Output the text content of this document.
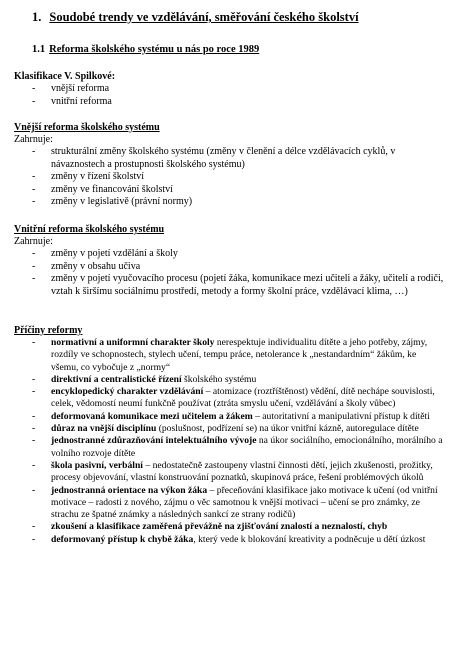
1. Soudobé trendy ve vzdělávání, směřování českého školství
1.1 Reforma školského systému u nás po roce 1989

Klasifikace V. Spilkové:

- vnější reforma
- vnitřní reforma

Vnější reforma školského systému

Zahrnuje:

- strukturální změny školského systému (změny v členění a délce vzdělávacích cyklů, v návaznostech a prostupnosti školského systému)
- změny v řízení školství
- změny ve financování školství
- změny v legislativě (právní normy)

Vnitřní reforma školského systému

Zahrnuje:

- změny v pojetí vzdělání a školy
- změny v obsahu učiva
- změny v pojetí vyučovacího procesu (pojetí žáka, komunikace mezi učiteli a žáky, učitelí a rodiči, vztah k širšímu sociálnímu prostředí, metody a formy školní práce, vzdělávací klima, …)

Příčiny reformy

- normativní a uniformní charakter školy nerespektuje individualitu dítěte a jeho potřeby, zájmy, rozdíly ve schopnostech, stylech učení, tempu práce, netolerance k „nestandardním“ žákům, ke všemu, co vybočuje z „normy“
- direktivní a centralistické řízení školského systému
- encyklopedický charakter vzdělávání – atomizace (roztříštěnost) vědění, dítě nechápe souvislosti, celek, vědomostí neumí funkčně používat (ztráta smyslu učení, vzdělávání a školy vůbec)
- deformovaná komunikace mezi učitelem a žákem – autoritativní a manipulativní přístup k dítěti
- důraz na vnější disciplínu (poslušnost, podřízení se) na úkor vnitřní kázně, autoregulace dítěte
- jednostranné zdůrazňování intelektuálního vývoje na úkor sociálního, emocionálního, morálního a volního rozvoje dítěte
- škola pasivní, verbální – nedostatečně zastoupeny vlastní činnosti dětí, jejich zkušenosti, prožitky, procesy objevování, vlastní konstruování poznatků, skupinová práce, řešení problémových úkolů
- jednostranná orientace na výkon žáka – přeceňování klasifikace jako motivace k učení (od vnitřní motivace – radosti z nového, zájmu o věc samotnou k vnější motivaci – učení se pro známky, ze strachu ze špatné známky a následných sankcí ze strany rodičů)
- zkoušení a klasifikace zaměřená převážně na zjišťování znalostí a neznalostí, chyb
- deformovaný přístup k chybě žáka, který vede k blokování kreativity a podněcuje u dětí úzkost
